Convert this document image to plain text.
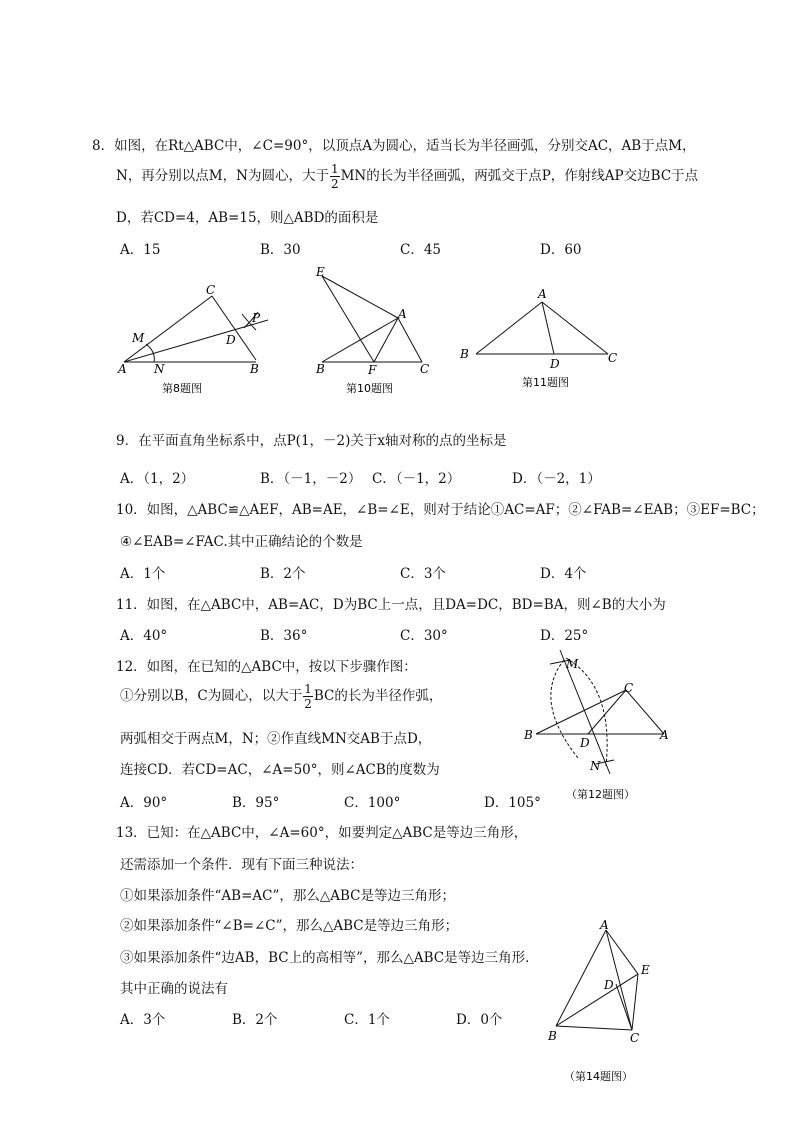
8．如图，在Rt△ABC中，∠C=90°，以顶点A为圆心，适当长为半径画弧，分别交AC，AB于点M，
N，再分别以点M，N为圆心，大于 $\frac{1}{2}$ MN的长为半径画弧，两弧交于点P，作射线AP交边BC于点
D，若CD=4，AB=15，则△ABD的面积是
A．15	B．30	C．45	D．60
C
P
M	D
A N	B
第8题图
E
A
B	F	C
第10题图
A
B
D	C
第11题图
9．在平面直角坐标系中，点P(1，－2)关于x轴对称的点的坐标是
A．（1，2）	B．（－1，－2） C．（－1，2）	D．（－2，1）
10．如图，△ABC≌△AEF，AB=AE，∠B=∠E，则对于结论①AC=AF；②∠FAB=∠EAB；③EF=BC；
④∠EAB=∠FAC.其中正确结论的个数是
A．1个	B．2个	C．3个	D．4个
11．如图，在△ABC中，AB=AC，D为BC上一点，且DA=DC，BD=BA，则∠B的大小为
A．40°	B．36°	C．30°	D．25°
12．如图，在已知的△ABC中，按以下步骤作图：
①分别以B，C为圆心，以大于 $\frac{1}{2}$ BC的长为半径作弧，
两弧相交于两点M，N；②作直线MN交AB于点D，
连接CD．若CD=AC，∠A=50°，则∠ACB的度数为
A．90°	B．95°	C．100°	D．105°
M
C
B
D
A
N
（第12题图）
13．已知：在△ABC中，∠A=60°，如要判定△ABC是等边三角形，
还需添加一个条件．现有下面三种说法：
①如果添加条件“AB=AC”，那么△ABC是等边三角形；
②如果添加条件“∠B=∠C”，那么△ABC是等边三角形；
③如果添加条件“边AB，BC上的高相等”，那么△ABC是等边三角形．
其中正确的说法有
A．3个	B．2个	C．1个	D．0个
A
E
D
B	C
（第14题图）
